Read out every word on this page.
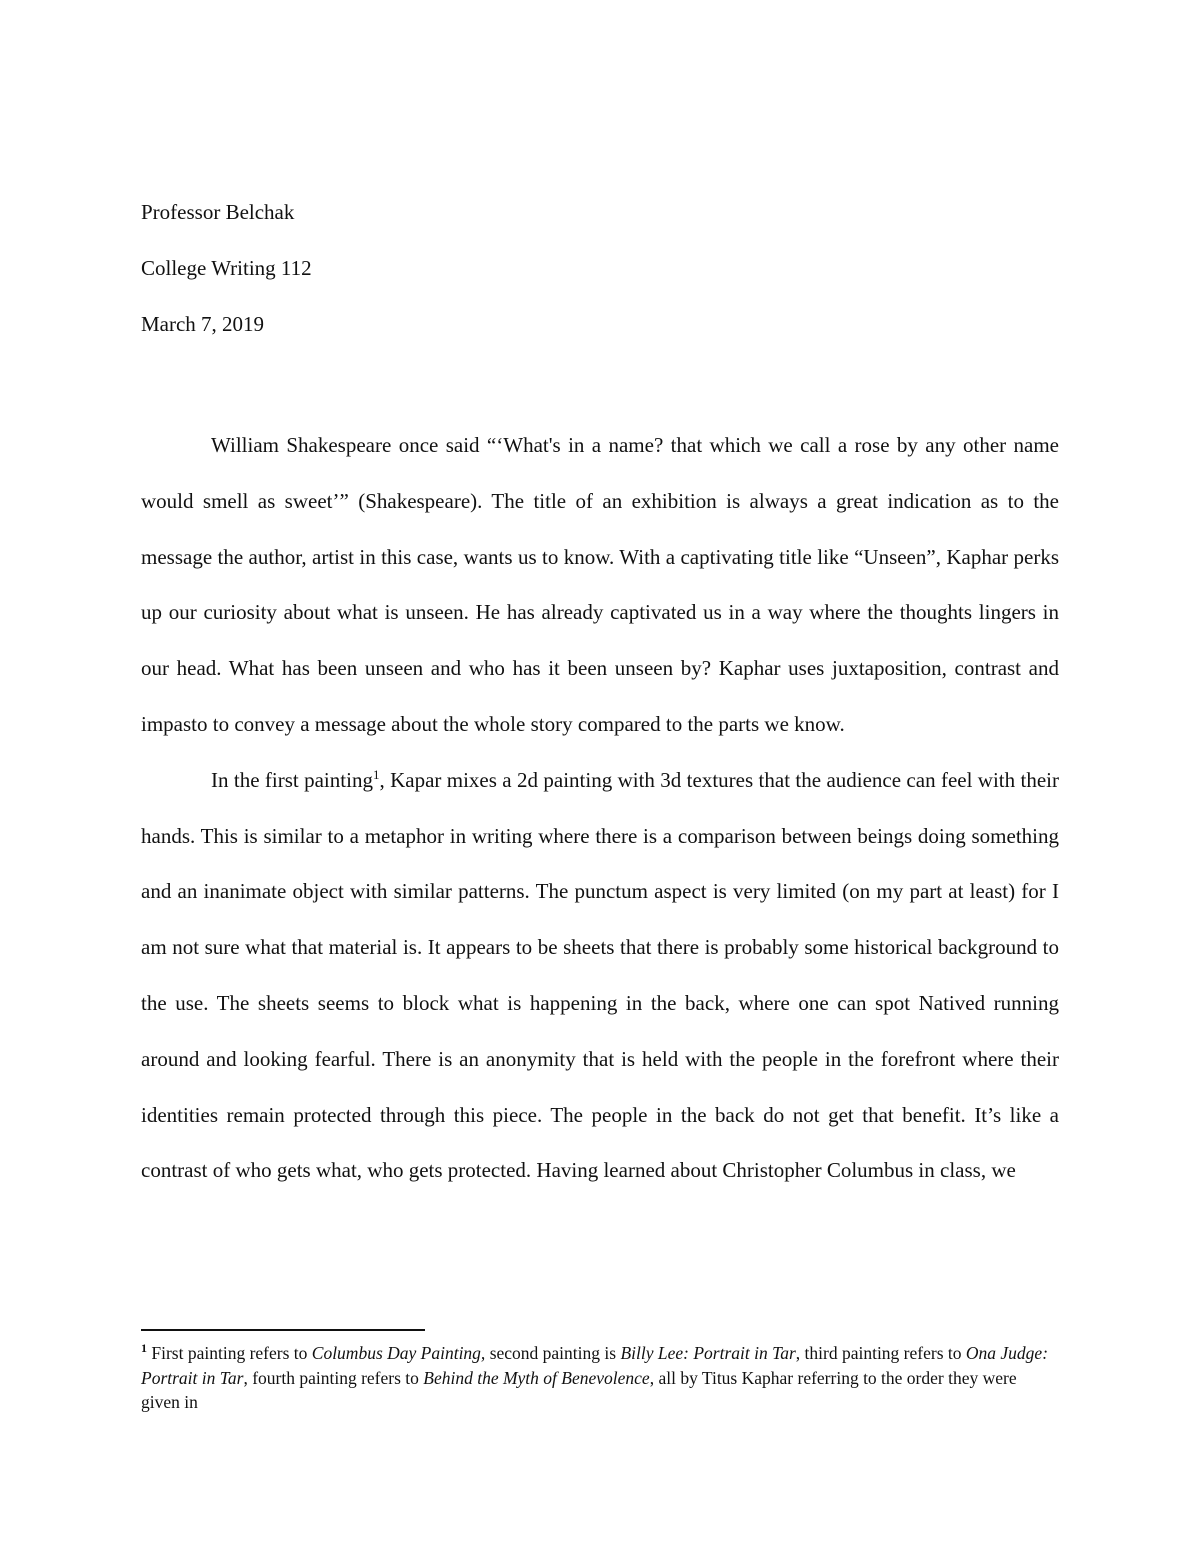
Professor Belchak
College Writing 112
March 7, 2019

William Shakespeare once said “‘What's in a name? that which we call a rose by any other name would smell as sweet’” (Shakespeare). The title of an exhibition is always a great indication as to the message the author, artist in this case, wants us to know. With a captivating title like “Unseen”, Kaphar perks up our curiosity about what is unseen. He has already captivated us in a way where the thoughts lingers in our head. What has been unseen and who has it been unseen by? Kaphar uses juxtaposition, contrast and impasto to convey a message about the whole story compared to the parts we know.

In the first painting$^1$, Kapar mixes a 2d painting with 3d textures that the audience can feel with their hands. This is similar to a metaphor in writing where there is a comparison between beings doing something and an inanimate object with similar patterns. The punctum aspect is very limited (on my part at least) for I am not sure what that material is. It appears to be sheets that there is probably some historical background to the use. The sheets seems to block what is happening in the back, where one can spot Natived running around and looking fearful. There is an anonymity that is held with the people in the forefront where their identities remain protected through this piece. The people in the back do not get that benefit. It’s like a contrast of who gets what, who gets protected. Having learned about Christopher Columbus in class, we

$^1$ First painting refers to Columbus Day Painting, second painting is Billy Lee: Portrait in Tar, third painting refers to Ona Judge: Portrait in Tar, fourth painting refers to Behind the Myth of Benevolence, all by Titus Kaphar referring to the order they were given in
